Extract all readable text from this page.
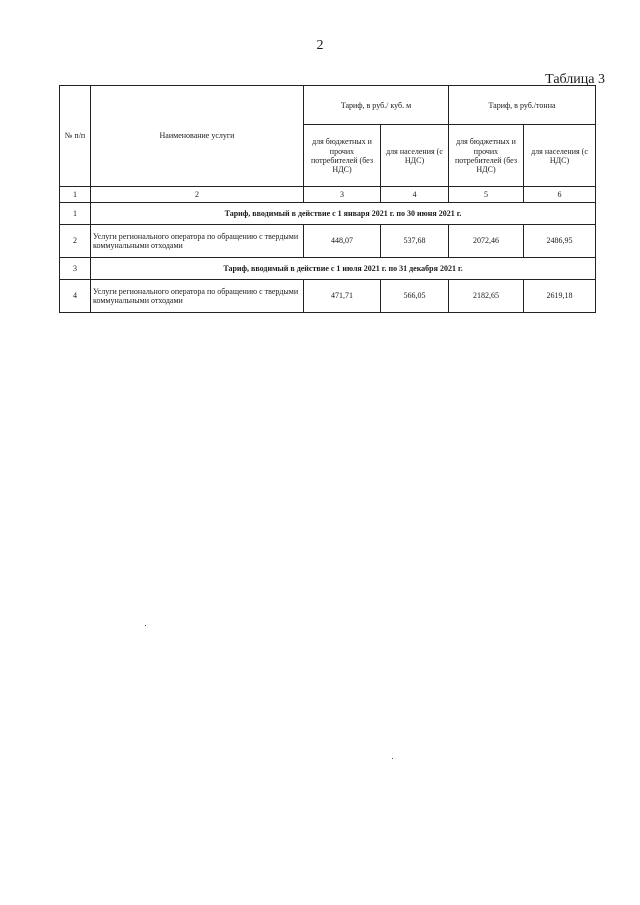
2
Таблица 3
№ п/п	Наименование услуги	Тариф, в руб./ куб. м		Тариф, в руб./тонна	
		для бюджетных и прочих потребителей (без НДС)	для населения (с НДС)	для бюджетных и прочих потребителей (без НДС)	для населения (с НДС)
1	2	3	4	5	6
1	Тариф, вводимый в действие с 1 января 2021 г. по 30 июня 2021 г.				
2	Услуги регионального оператора по обращению с твердыми коммунальными отходами	448,07	537,68	2072,46	2486,95
3	Тариф, вводимый в действие с 1 июля 2021 г. по 31 декабря 2021 г.				
4	Услуги регионального оператора по обращению с твердыми коммунальными отходами	471,71	566,05	2182,65	2619,18
